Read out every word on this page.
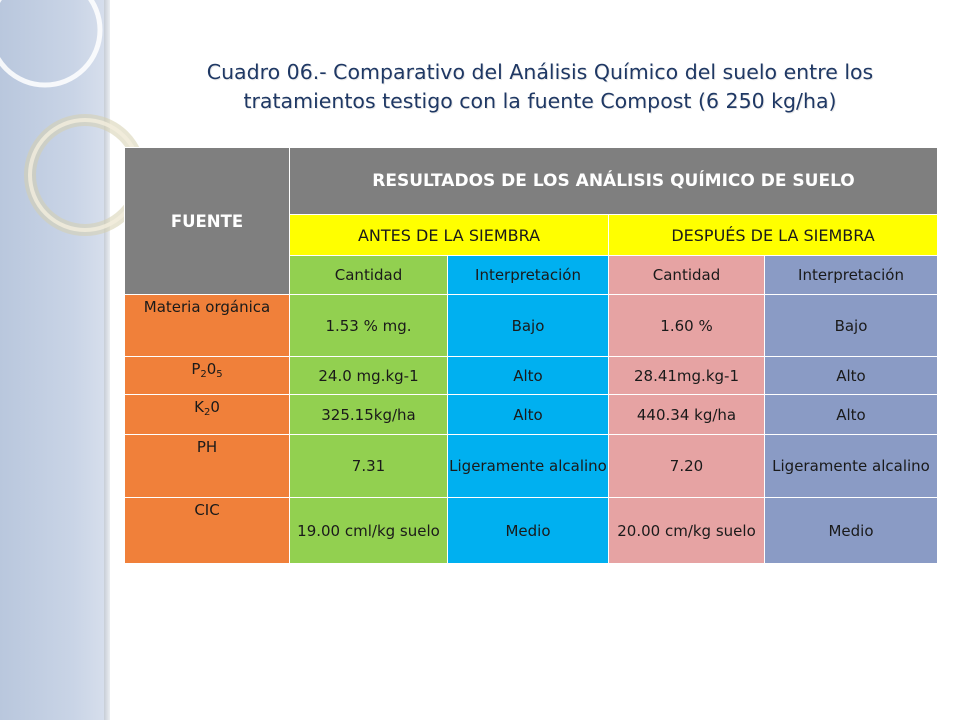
Cuadro 06.- Comparativo del Análisis Químico del suelo entre los
tratamientos testigo con la fuente Compost (6 250 kg/ha)
FUENTE	RESULTADOS DE LOS ANÁLISIS QUÍMICO DE SUELO			
	ANTES DE LA SIEMBRA		DESPUÉS DE LA SIEMBRA	
	Cantidad	Interpretación	Cantidad	Interpretación
Materia orgánica	1.53 % mg.	Bajo	1.60 %	Bajo
$P_20_5$	24.0 mg.kg-1	Alto	28.41mg.kg-1	Alto
$K_20$	325.15kg/ha	Alto	440.34 kg/ha	Alto
PH	7.31	Ligeramente alcalino	7.20	Ligeramente alcalino
CIC	19.00 cml/kg suelo	Medio	20.00 cm/kg suelo	Medio
